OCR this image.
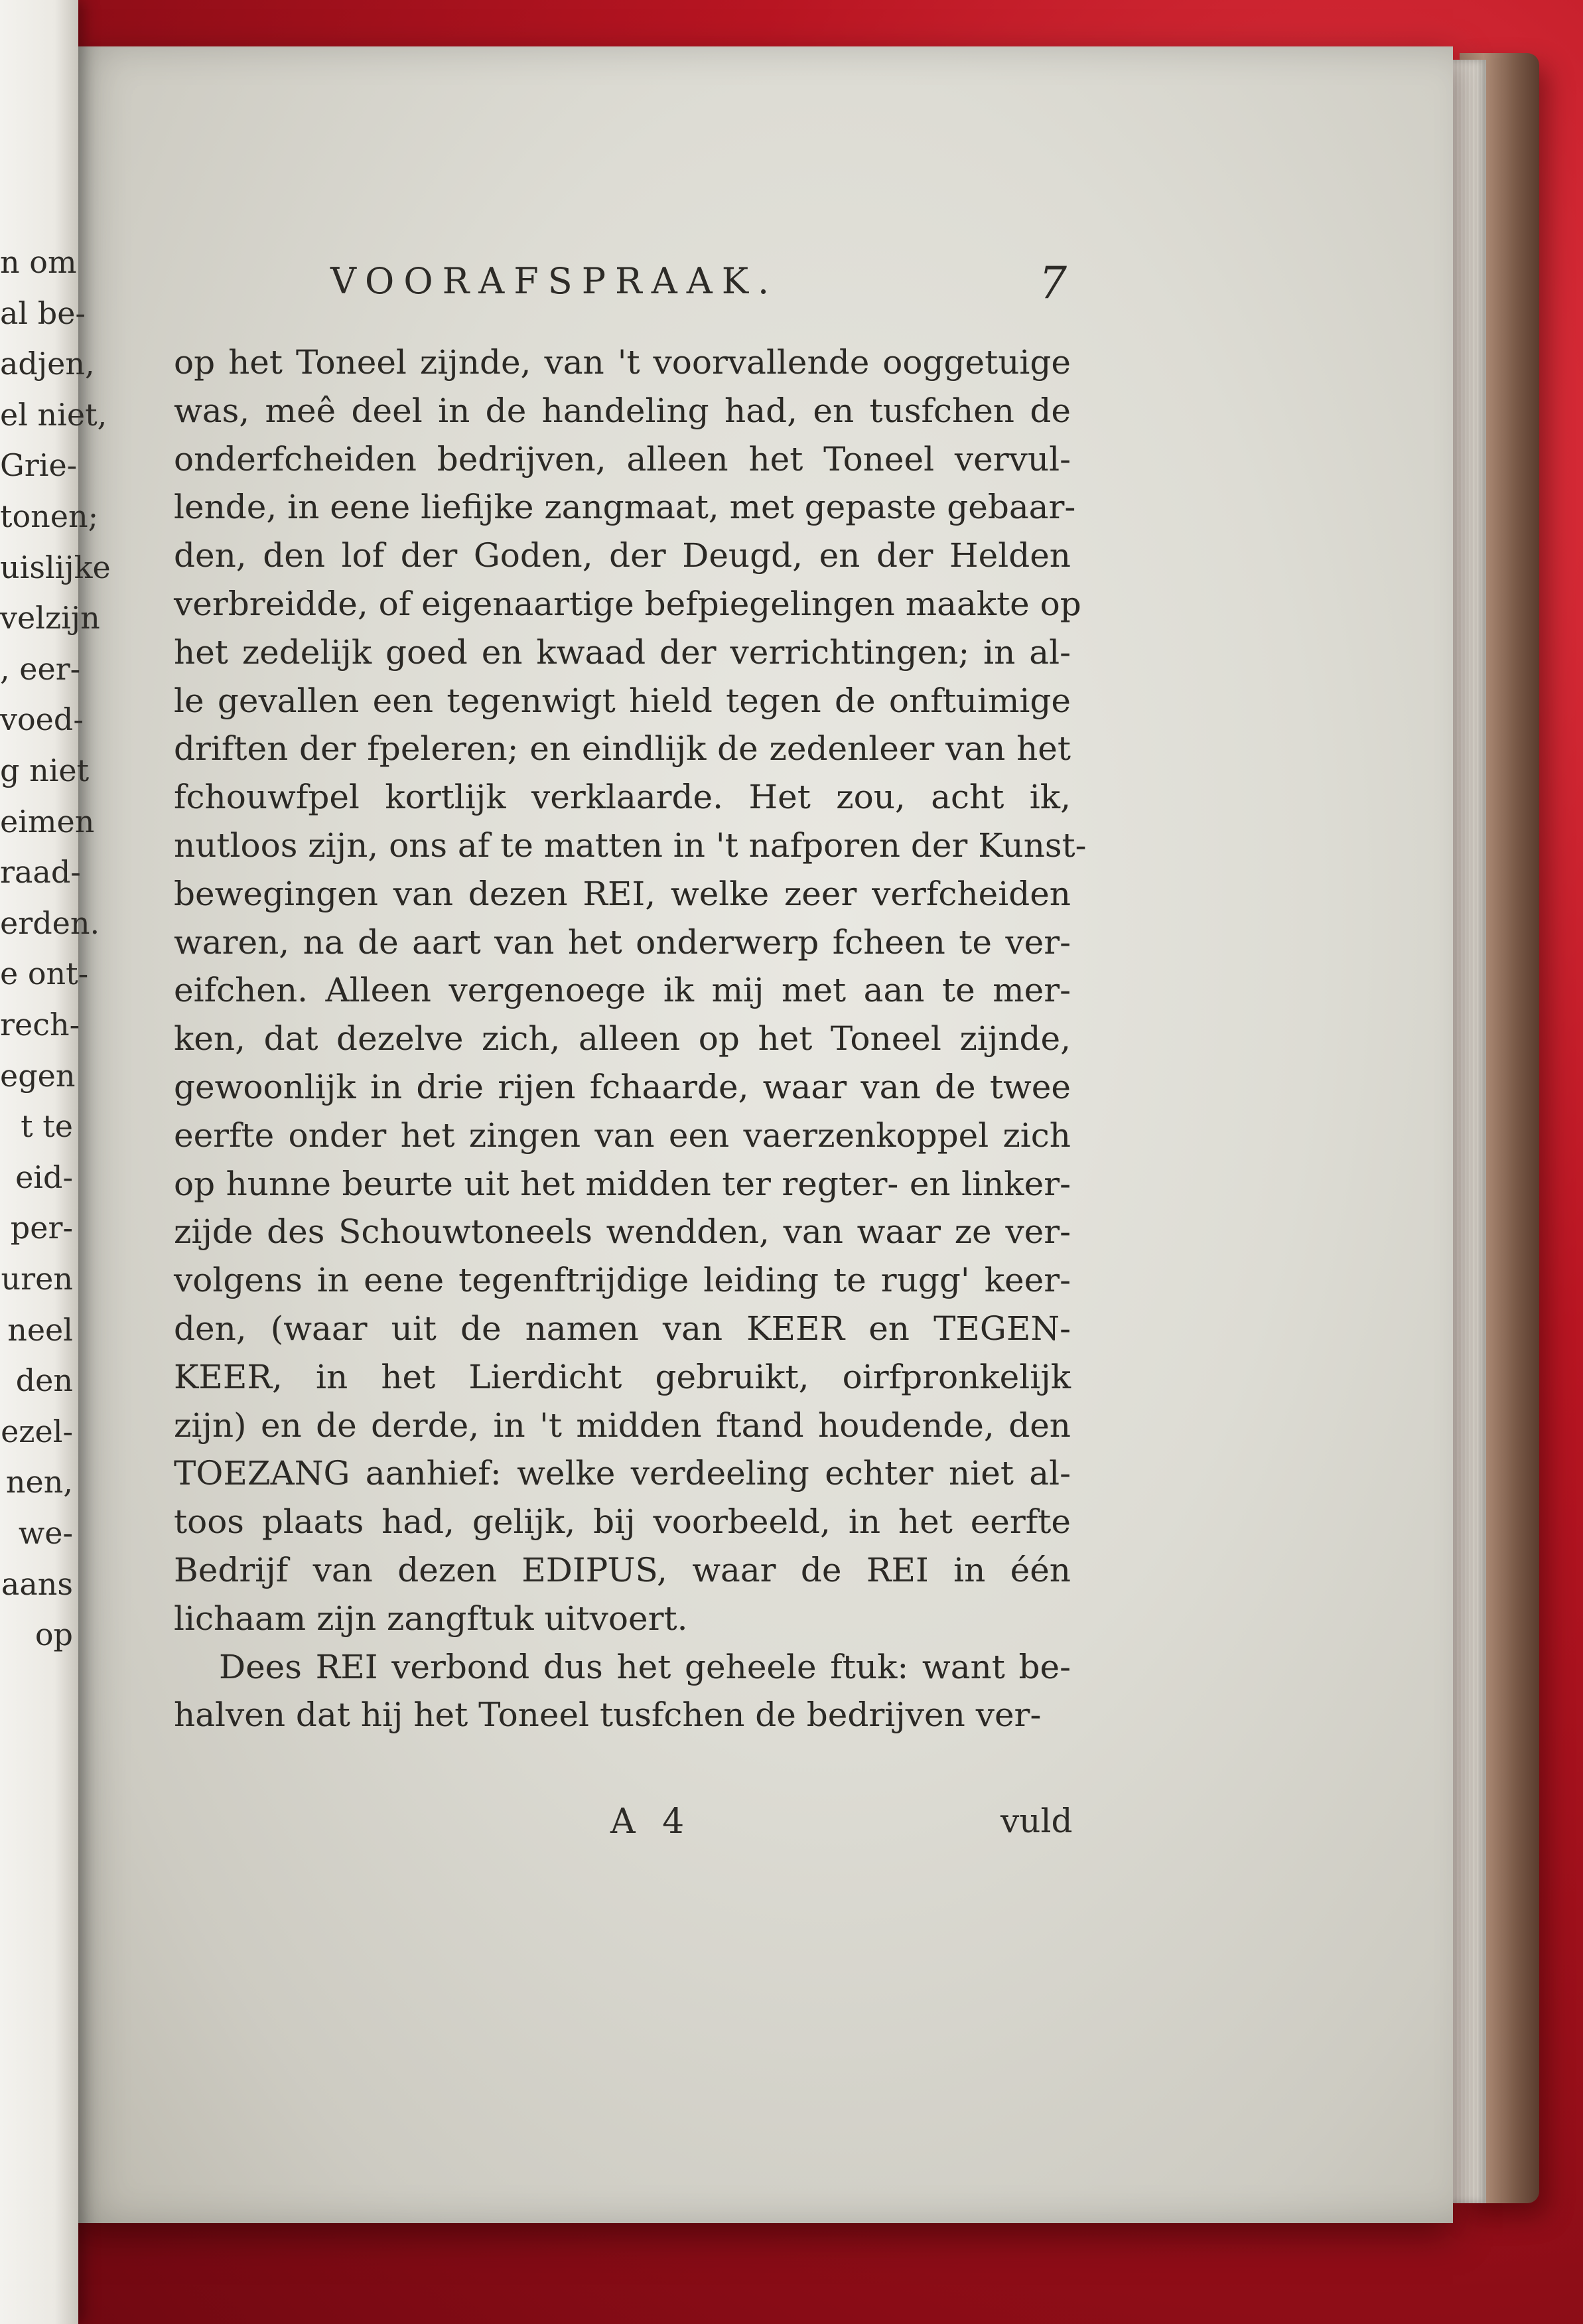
n om
al be-
adjen,
el niet,
Grie-
tonen;
uislijke
velzijn
, eer-
voed-
g niet
eimen
raad-
erden.
e ont-
rech-
egen
t te
eid-
per-
uren
neel
den
ezel-
nen,
we-
aans
op
VOORAFSPRAAK.	7
op het Toneel zijnde, van 't voorvallende ooggetuige
was, meê deel in de handeling had, en tusfchen de
onderfcheiden bedrijven, alleen het Toneel vervul-
lende, in eene liefijke zangmaat, met gepaste gebaar-
den, den lof der Goden, der Deugd, en der Helden
verbreidde, of eigenaartige befpiegelingen maakte op
het zedelijk goed en kwaad der verrichtingen; in al-
le gevallen een tegenwigt hield tegen de onftuimige
driften der fpeleren; en eindlijk de zedenleer van het
fchouwfpel kortlijk verklaarde. Het zou, acht ik,
nutloos zijn, ons af te matten in 't nafporen der Kunst-
bewegingen van dezen REI, welke zeer verfcheiden
waren, na de aart van het onderwerp fcheen te ver-
eifchen. Alleen vergenoege ik mij met aan te mer-
ken, dat dezelve zich, alleen op het Toneel zijnde,
gewoonlijk in drie rijen fchaarde, waar van de twee
eerfte onder het zingen van een vaerzenkoppel zich
op hunne beurte uit het midden ter regter- en linker-
zijde des Schouwtoneels wendden, van waar ze ver-
volgens in eene tegenftrijdige leiding te rugg' keer-
den, (waar uit de namen van KEER en TEGEN-
KEER, in het Lierdicht gebruikt, oirfpronkelijk
zijn) en de derde, in 't midden ftand houdende, den
TOEZANG aanhief: welke verdeeling echter niet al-
toos plaats had, gelijk, bij voorbeeld, in het eerfte
Bedrijf van dezen EDIPUS, waar de REI in één
lichaam zijn zangftuk uitvoert.
Dees REI verbond dus het geheele ftuk: want be-
halven dat hij het Toneel tusfchen de bedrijven ver-
A 4	vuld
